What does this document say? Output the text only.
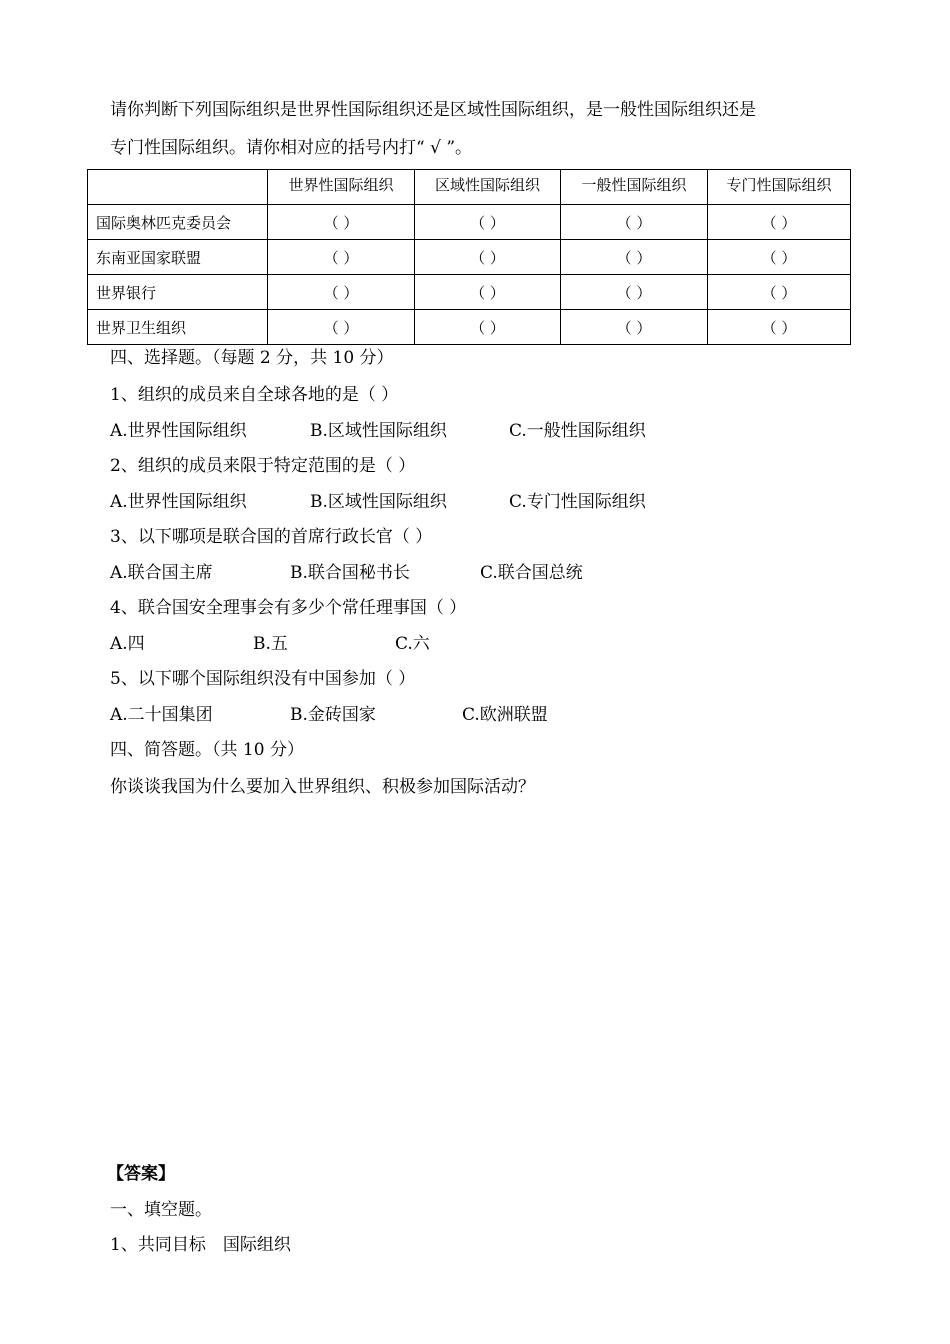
请你判断下列国际组织是世界性国际组织还是区域性国际组织，是一般性国际组织还是
专门性国际组织。请你相对应的括号内打“ √ ”。
	世界性国际组织	区域性国际组织	一般性国际组织	专门性国际组织
国际奥林匹克委员会	（ ）	（ ）	（ ）	（ ）
东南亚国家联盟	（ ）	（ ）	（ ）	（ ）
世界银行	（ ）	（ ）	（ ）	（ ）
世界卫生组织	（ ）	（ ）	（ ）	（ ）
四、选择题。（每题 2 分，共 10 分）
1、组织的成员来自全球各地的是（ ）
A.世界性国际组织	B.区域性国际组织	C.一般性国际组织
2、组织的成员来限于特定范围的是（ ）
A.世界性国际组织	B.区域性国际组织	C.专门性国际组织
3、以下哪项是联合国的首席行政长官（ ）
A.联合国主席	B.联合国秘书长	C.联合国总统
4、联合国安全理事会有多少个常任理事国（ ）
A.四	B.五	C.六
5、以下哪个国际组织没有中国参加（ ）
A.二十国集团	B.金砖国家	C.欧洲联盟
四、简答题。（共 10 分）
你谈谈我国为什么要加入世界组织、积极参加国际活动？
【答案】
一、填空题。
1、共同目标　国际组织
